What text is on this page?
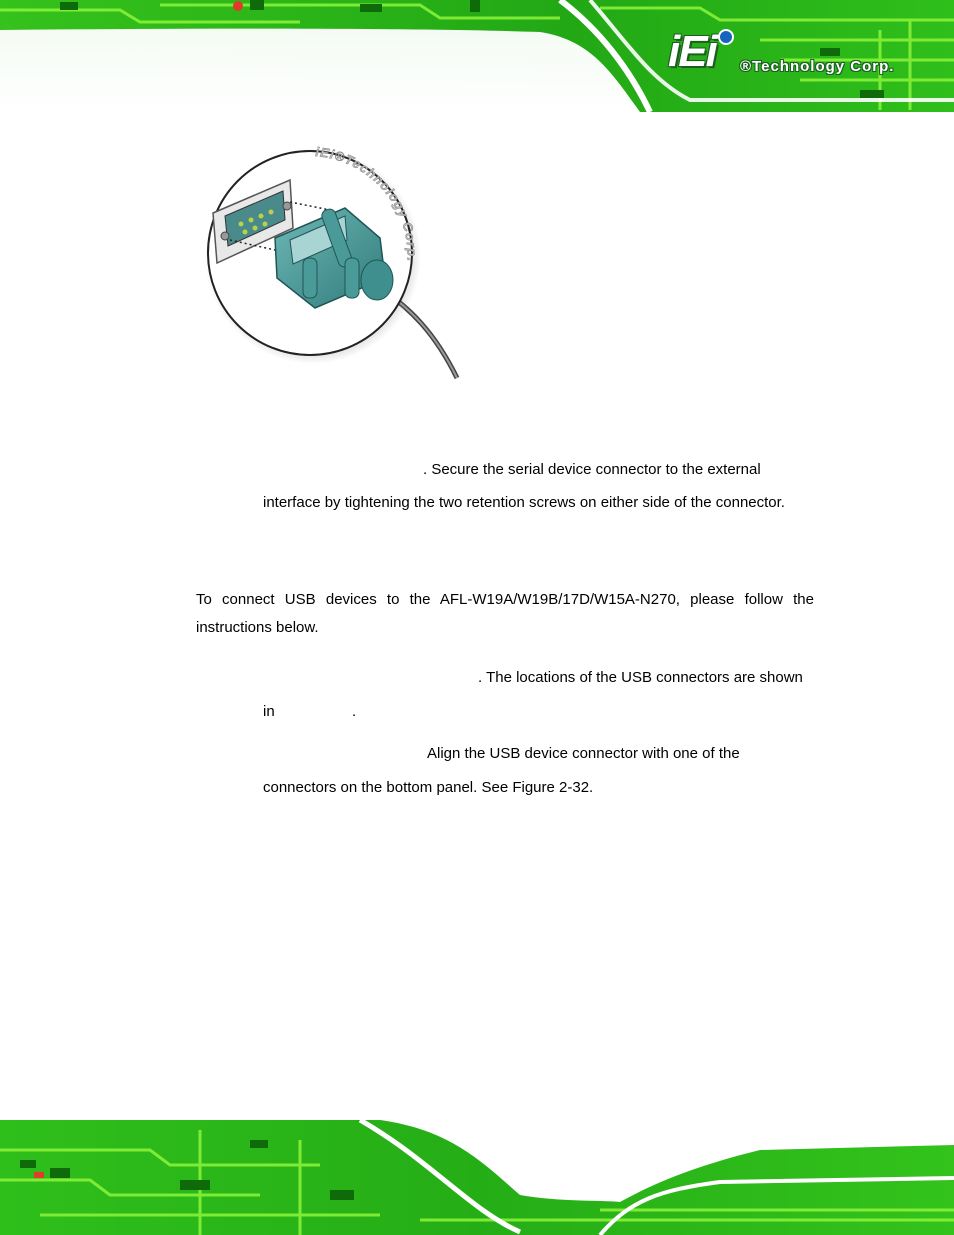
iEi ®Technology Corp.
iEi®Technology Corp.
. Secure the serial device connector to the external
interface by tightening the two retention screws on either side of the connector.
To connect USB devices to the AFL-W19A/W19B/17D/W15A-N270, please follow the
instructions below.
. The locations of the USB connectors are shown
in	.
Align the USB device connector with one of the
connectors on the bottom panel. See Figure 2-32.
